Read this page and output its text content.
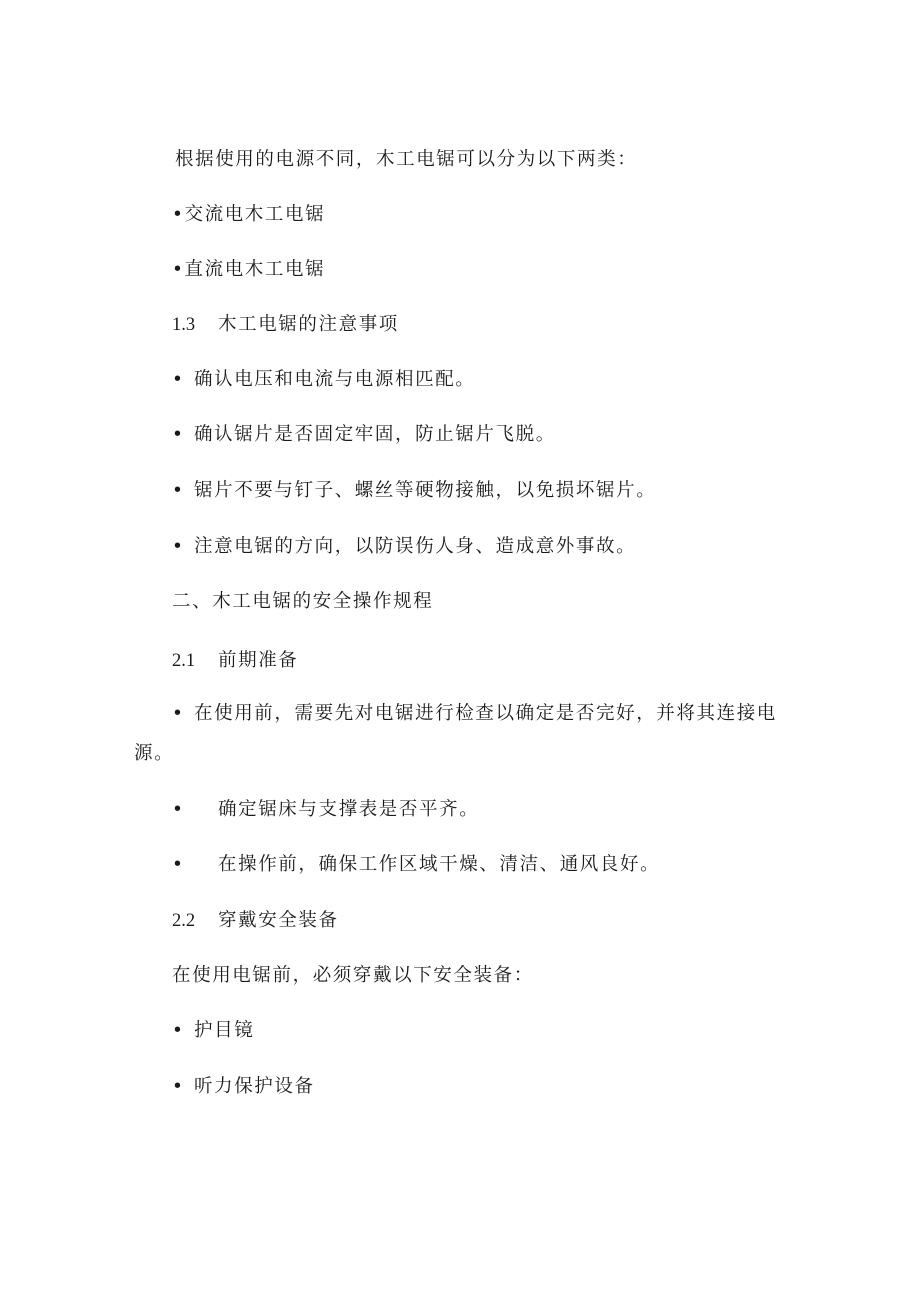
根据使用的电源不同，木工电锯可以分为以下两类：
•交流电木工电锯
•直流电木工电锯
1.3 木工电锯的注意事项
• 确认电压和电流与电源相匹配。
• 确认锯片是否固定牢固，防止锯片飞脱。
• 锯片不要与钉子、螺丝等硬物接触，以免损坏锯片。
• 注意电锯的方向，以防误伤人身、造成意外事故。
二、木工电锯的安全操作规程
2.1 前期准备
• 在使用前，需要先对电锯进行检查以确定是否完好，并将其连接电
源。
• 确定锯床与支撑表是否平齐。
• 在操作前，确保工作区域干燥、清洁、通风良好。
2.2 穿戴安全装备
在使用电锯前，必须穿戴以下安全装备：
• 护目镜
• 听力保护设备
